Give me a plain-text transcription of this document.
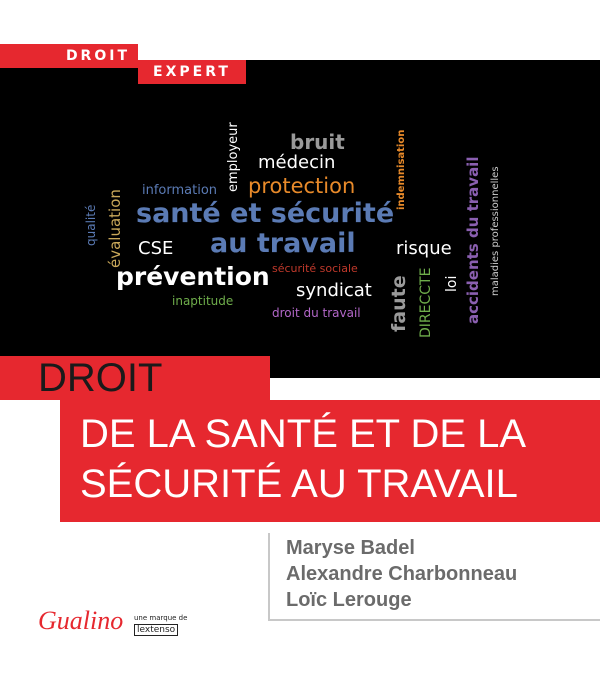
DROIT
EXPERT
bruit
médecin
employeur	indemnisation
information protection	accidents du travail maladies professionnelles
qualité évaluation santé et sécurité
au travail
CSE	risque
prévention sécurité sociale
syndicat
inaptitude
droit du travail faute DIRECCTE loi
DROIT
DE LA SANTÉ ET DE LA
SÉCURITÉ AU TRAVAIL
Maryse Badel
Alexandre Charbonneau
Loïc Lerouge
Gualino une marque de
lextenso
